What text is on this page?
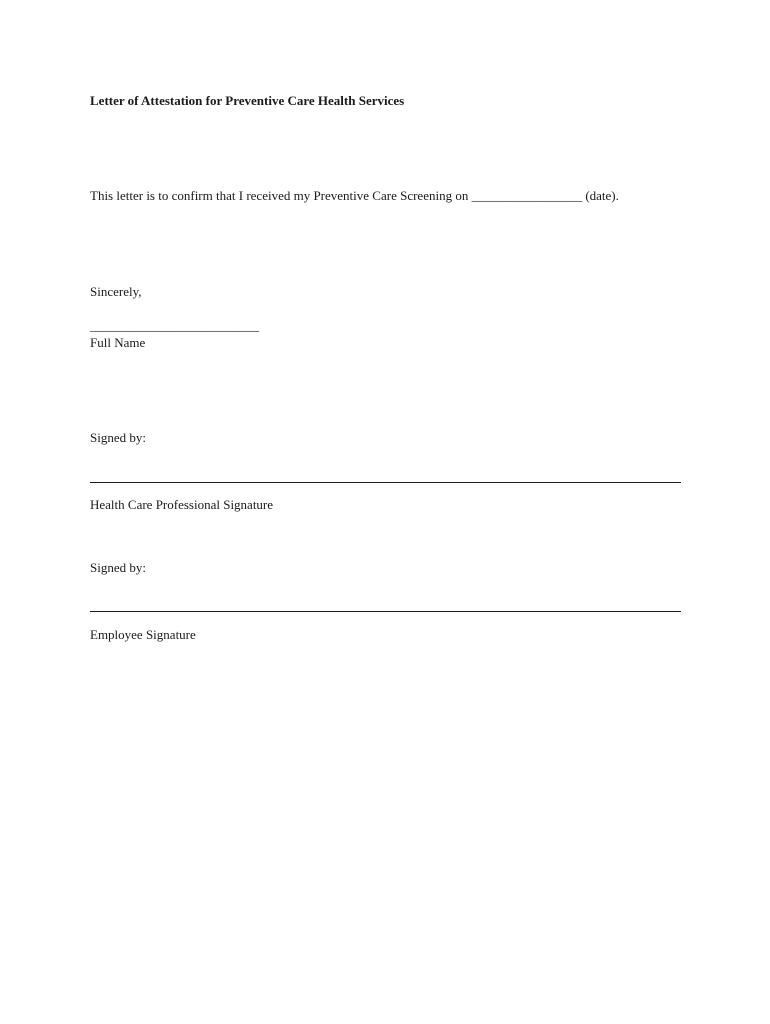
Letter of Attestation for Preventive Care Health Services
This letter is to confirm that I received my Preventive Care Screening on _________________ (date).
Sincerely,
__________________________
Full Name
Signed by:
Health Care Professional Signature
Signed by:
Employee Signature
